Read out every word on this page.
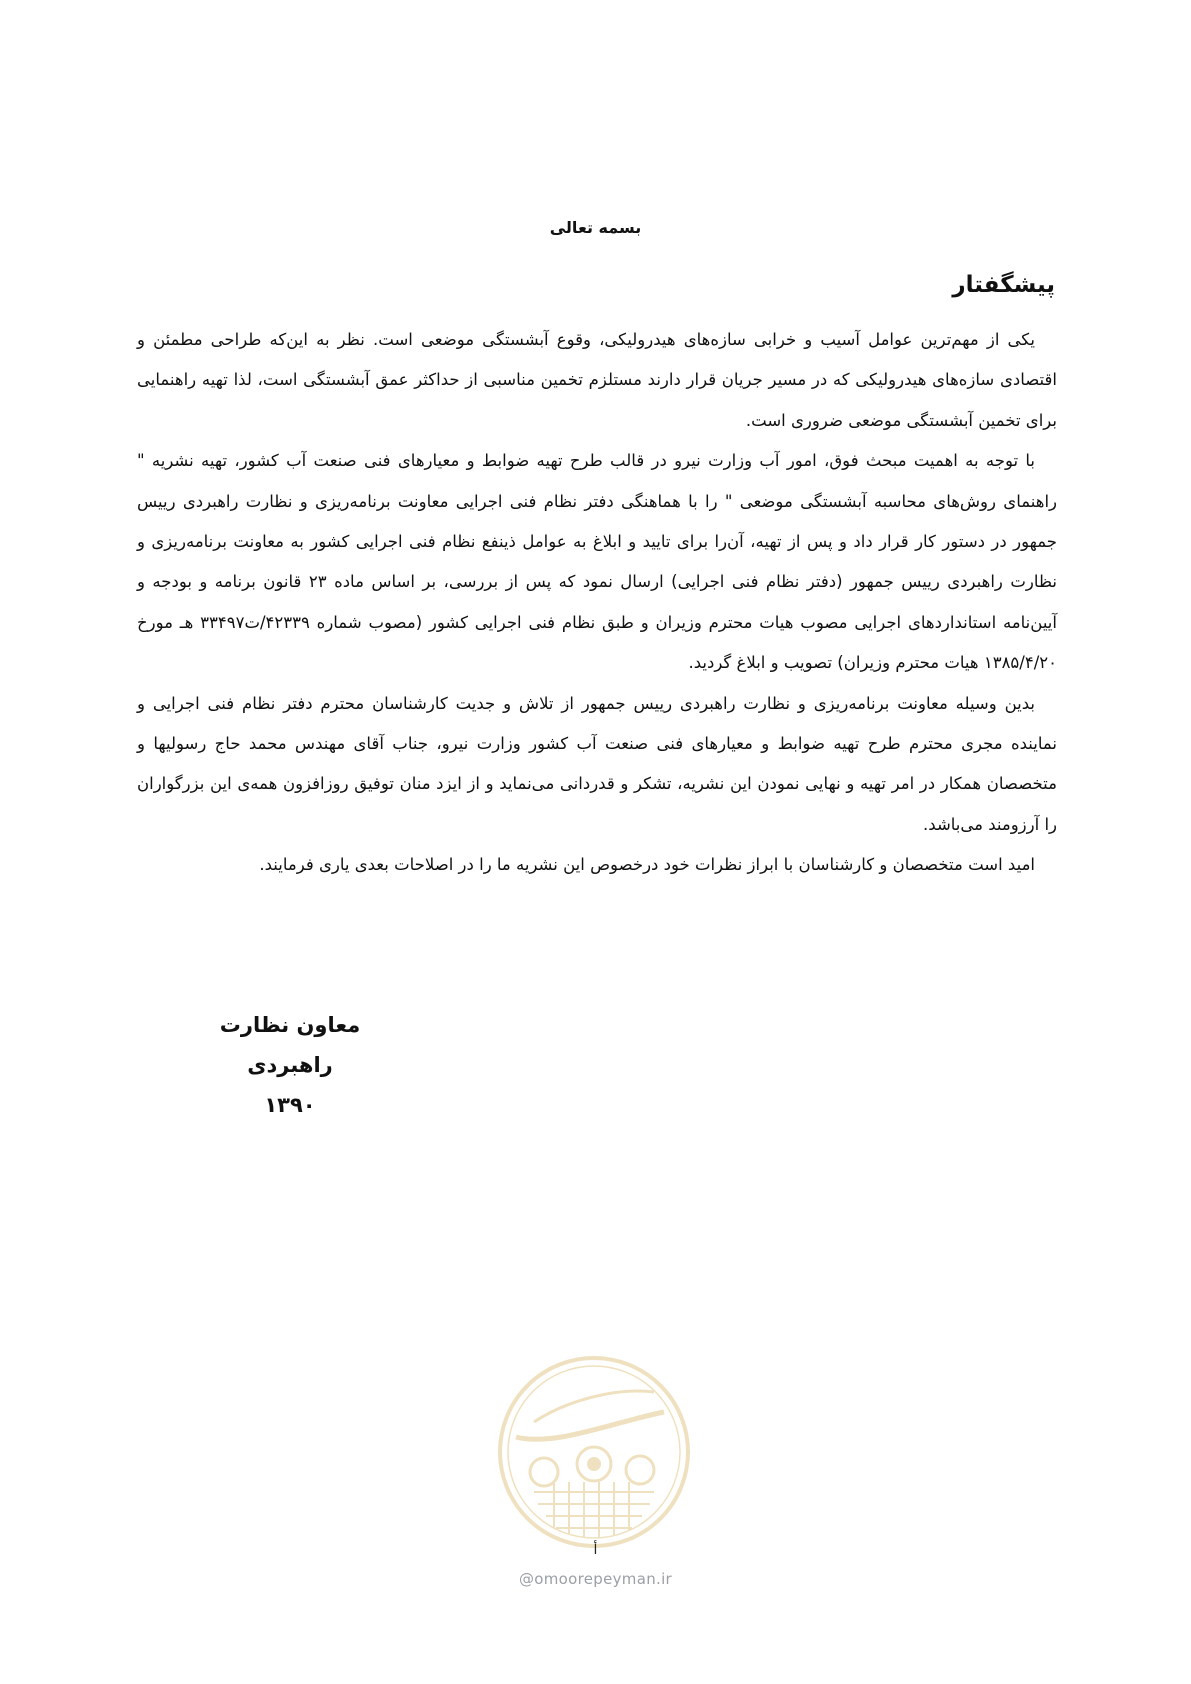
بسمه تعالی
پیشگفتار

یکی از مهم‌ترین عوامل آسیب و خرابی سازه‌های هیدرولیکی، وقوع آبشستگی موضعی است. نظر به این‌که طراحی مطمئن و اقتصادی سازه‌های هیدرولیکی که در مسیر جریان قرار دارند مستلزم تخمین مناسبی از حداکثر عمق آبشستگی است، لذا تهیه راهنمایی برای تخمین آبشستگی موضعی ضروری است.

با توجه به اهمیت مبحث فوق، امور آب وزارت نیرو در قالب طرح تهیه ضوابط و معیارهای فنی صنعت آب کشور، تهیه نشریه " راهنمای روش‌های محاسبه آبشستگی موضعی " را با هماهنگی دفتر نظام فنی اجرایی معاونت برنامه‌ریزی و نظارت راهبردی رییس جمهور در دستور کار قرار داد و پس از تهیه، آن‌را برای تایید و ابلاغ به عوامل ذینفع نظام فنی اجرایی کشور به معاونت برنامه‌ریزی و نظارت راهبردی رییس جمهور (دفتر نظام فنی اجرایی) ارسال نمود که پس از بررسی، بر اساس ماده ۲۳ قانون برنامه و بودجه و آیین‌نامه استانداردهای اجرایی مصوب هیات محترم وزیران و طبق نظام فنی اجرایی کشور (مصوب شماره ۴۲۳۳۹/ت۳۳۴۹۷ هـ مورخ ۱۳۸۵/۴/۲۰ هیات محترم وزیران) تصویب و ابلاغ گردید.

بدین وسیله معاونت برنامه‌ریزی و نظارت راهبردی رییس جمهور از تلاش و جدیت کارشناسان محترم دفتر نظام فنی اجرایی و نماینده مجری محترم طرح تهیه ضوابط و معیارهای فنی صنعت آب کشور وزارت نیرو، جناب آقای مهندس محمد حاج رسولیها و متخصصان همکار در امر تهیه و نهایی نمودن این نشریه، تشکر و قدردانی می‌نماید و از ایزد منان توفیق روزافزون همه‌ی این بزرگواران را آرزومند می‌باشد.

امید است متخصصان و کارشناسان با ابراز نظرات خود درخصوص این نشریه ما را در اصلاحات بعدی یاری فرمایند.

معاون نظارت راهبردی
۱۳۹۰
أ
@omoorepeyman.ir
